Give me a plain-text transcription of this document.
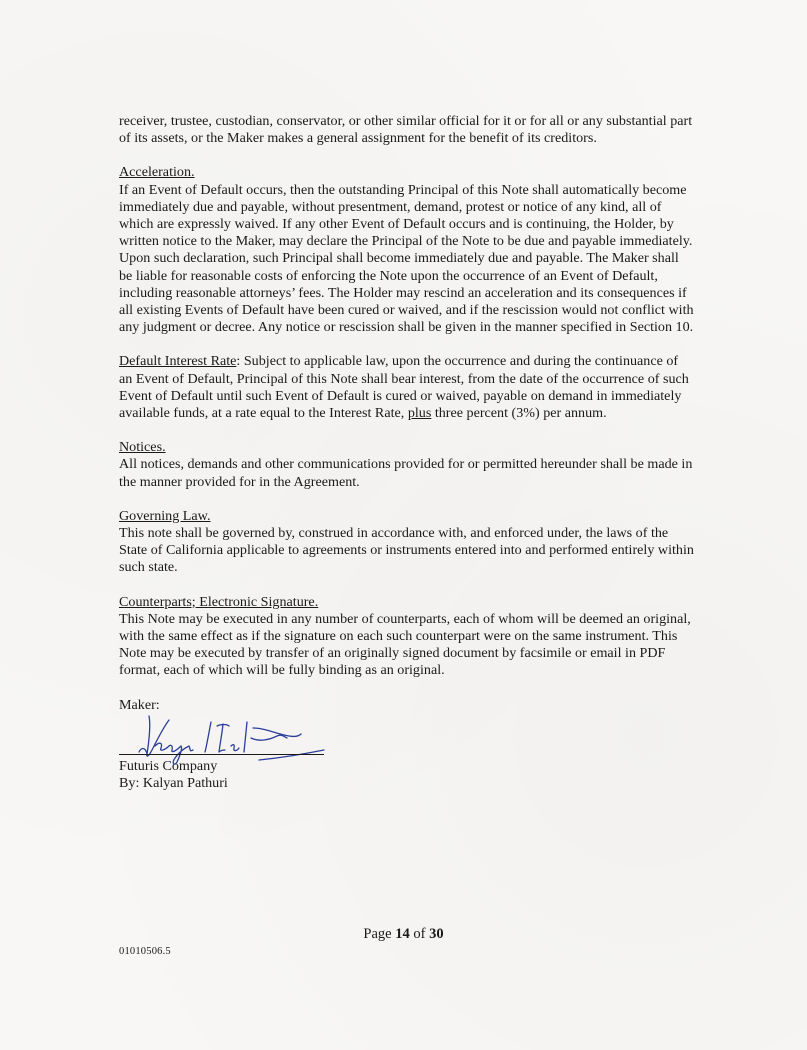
receiver, trustee, custodian, conservator, or other similar official for it or for all or any substantial part of its assets, or the Maker makes a general assignment for the benefit of its creditors.

Acceleration.
If an Event of Default occurs, then the outstanding Principal of this Note shall automatically become immediately due and payable, without presentment, demand, protest or notice of any kind, all of which are expressly waived. If any other Event of Default occurs and is continuing, the Holder, by written notice to the Maker, may declare the Principal of the Note to be due and payable immediately. Upon such declaration, such Principal shall become immediately due and payable. The Maker shall be liable for reasonable costs of enforcing the Note upon the occurrence of an Event of Default, including reasonable attorneys’ fees. The Holder may rescind an acceleration and its consequences if all existing Events of Default have been cured or waived, and if the rescission would not conflict with any judgment or decree. Any notice or rescission shall be given in the manner specified in Section 10.
Default Interest Rate: Subject to applicable law, upon the occurrence and during the continuance of an Event of Default, Principal of this Note shall bear interest, from the date of the occurrence of such Event of Default until such Event of Default is cured or waived, payable on demand in immediately available funds, at a rate equal to the Interest Rate, plus three percent (3%) per annum.
Notices.
All notices, demands and other communications provided for or permitted hereunder shall be made in the manner provided for in the Agreement.
Governing Law.
This note shall be governed by, construed in accordance with, and enforced under, the laws of the State of California applicable to agreements or instruments entered into and performed entirely within such state.
Counterparts; Electronic Signature.
This Note may be executed in any number of counterparts, each of whom will be deemed an original, with the same effect as if the signature on each such counterpart were on the same instrument. This Note may be executed by transfer of an originally signed document by facsimile or email in PDF format, each of which will be fully binding as an original.
Maker:
Futuris Company
By: Kalyan Pathuri
Page 14 of 30
01010506.5
